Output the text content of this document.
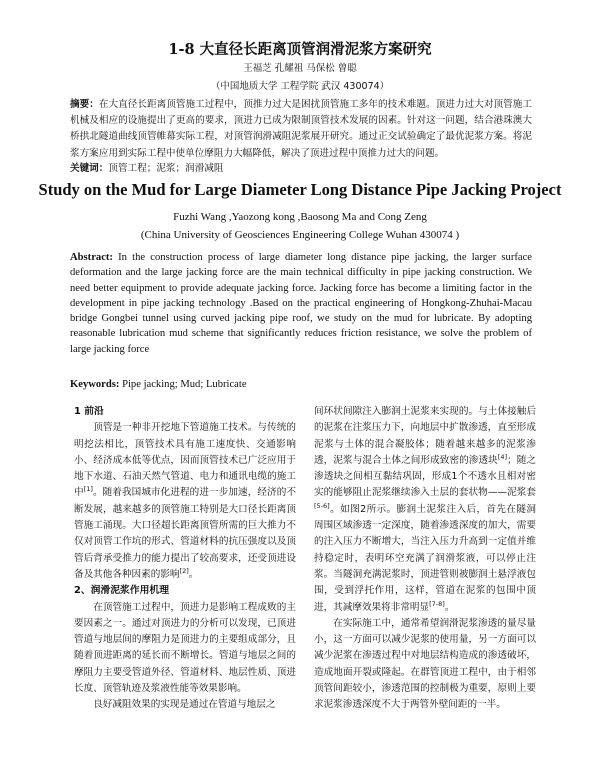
1-8 大直径长距离顶管润滑泥浆方案研究
王福芝 孔耀祖 马保松 曾聪
（中国地质大学 工程学院 武汉 430074）
摘要：在大直径长距离顶管施工过程中，顶推力过大是困扰顶管施工多年的技术难题。顶进力过大对顶管施工机械及相应的设施提出了更高的要求，顶进力已成为限制顶管技术发展的因素。针对这一问题，结合港珠澳大桥拱北隧道曲线顶管帷幕实际工程，对顶管润滑减阻泥浆展开研究。通过正交试验确定了最优泥浆方案。将泥浆方案应用到实际工程中使单位摩阻力大幅降低，解决了顶进过程中顶推力过大的问题。
关键词：顶管工程；泥浆；润滑减阻
Study on the Mud for Large Diameter Long Distance Pipe Jacking Project
Fuzhi Wang ,Yaozong kong ,Baosong Ma and Cong Zeng
(China University of Geosciences Engineering College Wuhan 430074 )
Abstract: In the construction process of large diameter long distance pipe jacking, the larger surface deformation and the large jacking force are the main technical difficulty in pipe jacking construction. We need better equipment to provide adequate jacking force. Jacking force has become a limiting factor in the development in pipe jacking technology .Based on the practical engineering of Hongkong-Zhuhai-Macau bridge Gongbei tunnel using curved jacking pipe roof, we study on the mud for lubricate. By adopting reasonable lubrication mud scheme that significantly reduces friction resistance, we solve the problem of large jacking force
Keywords: Pipe jacking; Mud; Lubricate
1 前沿

顶管是一种非开挖地下管道施工技术。与传统的明挖法相比，顶管技术具有施工速度快、交通影响小、经济成本低等优点，因而顶管技术已广泛应用于地下水道、石油天然气管道、电力和通讯电缆的施工中[1]。随着我国城市化进程的进一步加速，经济的不断发展，越来越多的顶管施工特别是大口径长距离顶管施工涌现。大口径超长距离顶管所需的巨大推力不仅对顶管工作坑的形式、管道材料的抗压强度以及顶管后背承受推力的能力提出了较高要求，还受顶进设备及其他各种因素的影响[2]。

2、润滑泥浆作用机理

在顶管施工过程中，顶进力是影响工程成败的主要因素之一。通过对顶进力的分析可以发现，已顶进管道与地层间的摩阻力是顶进力的主要组成部分，且随着顶进距离的延长而不断增长。管道与地层之间的摩阻力主要受管道外径、管道材料、地层性质、顶进长度、顶管轨迹及浆液性能等效果影响。

良好减阻效果的实现是通过在管道与地层之

间环状间隙注入膨润土泥浆来实现的。与土体接触后的泥浆在注浆压力下，向地层中扩散渗透，直至形成泥浆与土体的混合凝胶体；随着越来越多的泥浆渗透，泥浆与混合土体之间形成致密的渗透块[4]；随之渗透块之间相互黏结巩固，形成1个不透水且相对密实的能够阻止泥浆继续渗入土层的套状物——泥浆套[5-6]。如图2所示。膨润土泥浆注入后，首先在隧洞周围区域渗透一定深度，随着渗透深度的加大，需要的注入压力不断增大，当注入压力升高到一定值并维持稳定时，表明环空充满了润滑浆液，可以停止注浆。当隧洞充满泥浆时，顶进管则被膨润土悬浮液包围，受到浮托作用，这样，管道在泥浆的包围中顶进，其减摩效果将非常明显[7-8]。

在实际施工中，通常希望润滑泥浆渗透的量尽量小，这一方面可以减少泥浆的使用量，另一方面可以减少泥浆在渗透过程中对地层结构造成的渗透破坏，造成地面开裂或隆起。在群管顶进工程中，由于相邻顶管间距较小，渗透范围的控制极为重要，原则上要求泥浆渗透深度不大于两管外壁间距的一半。
